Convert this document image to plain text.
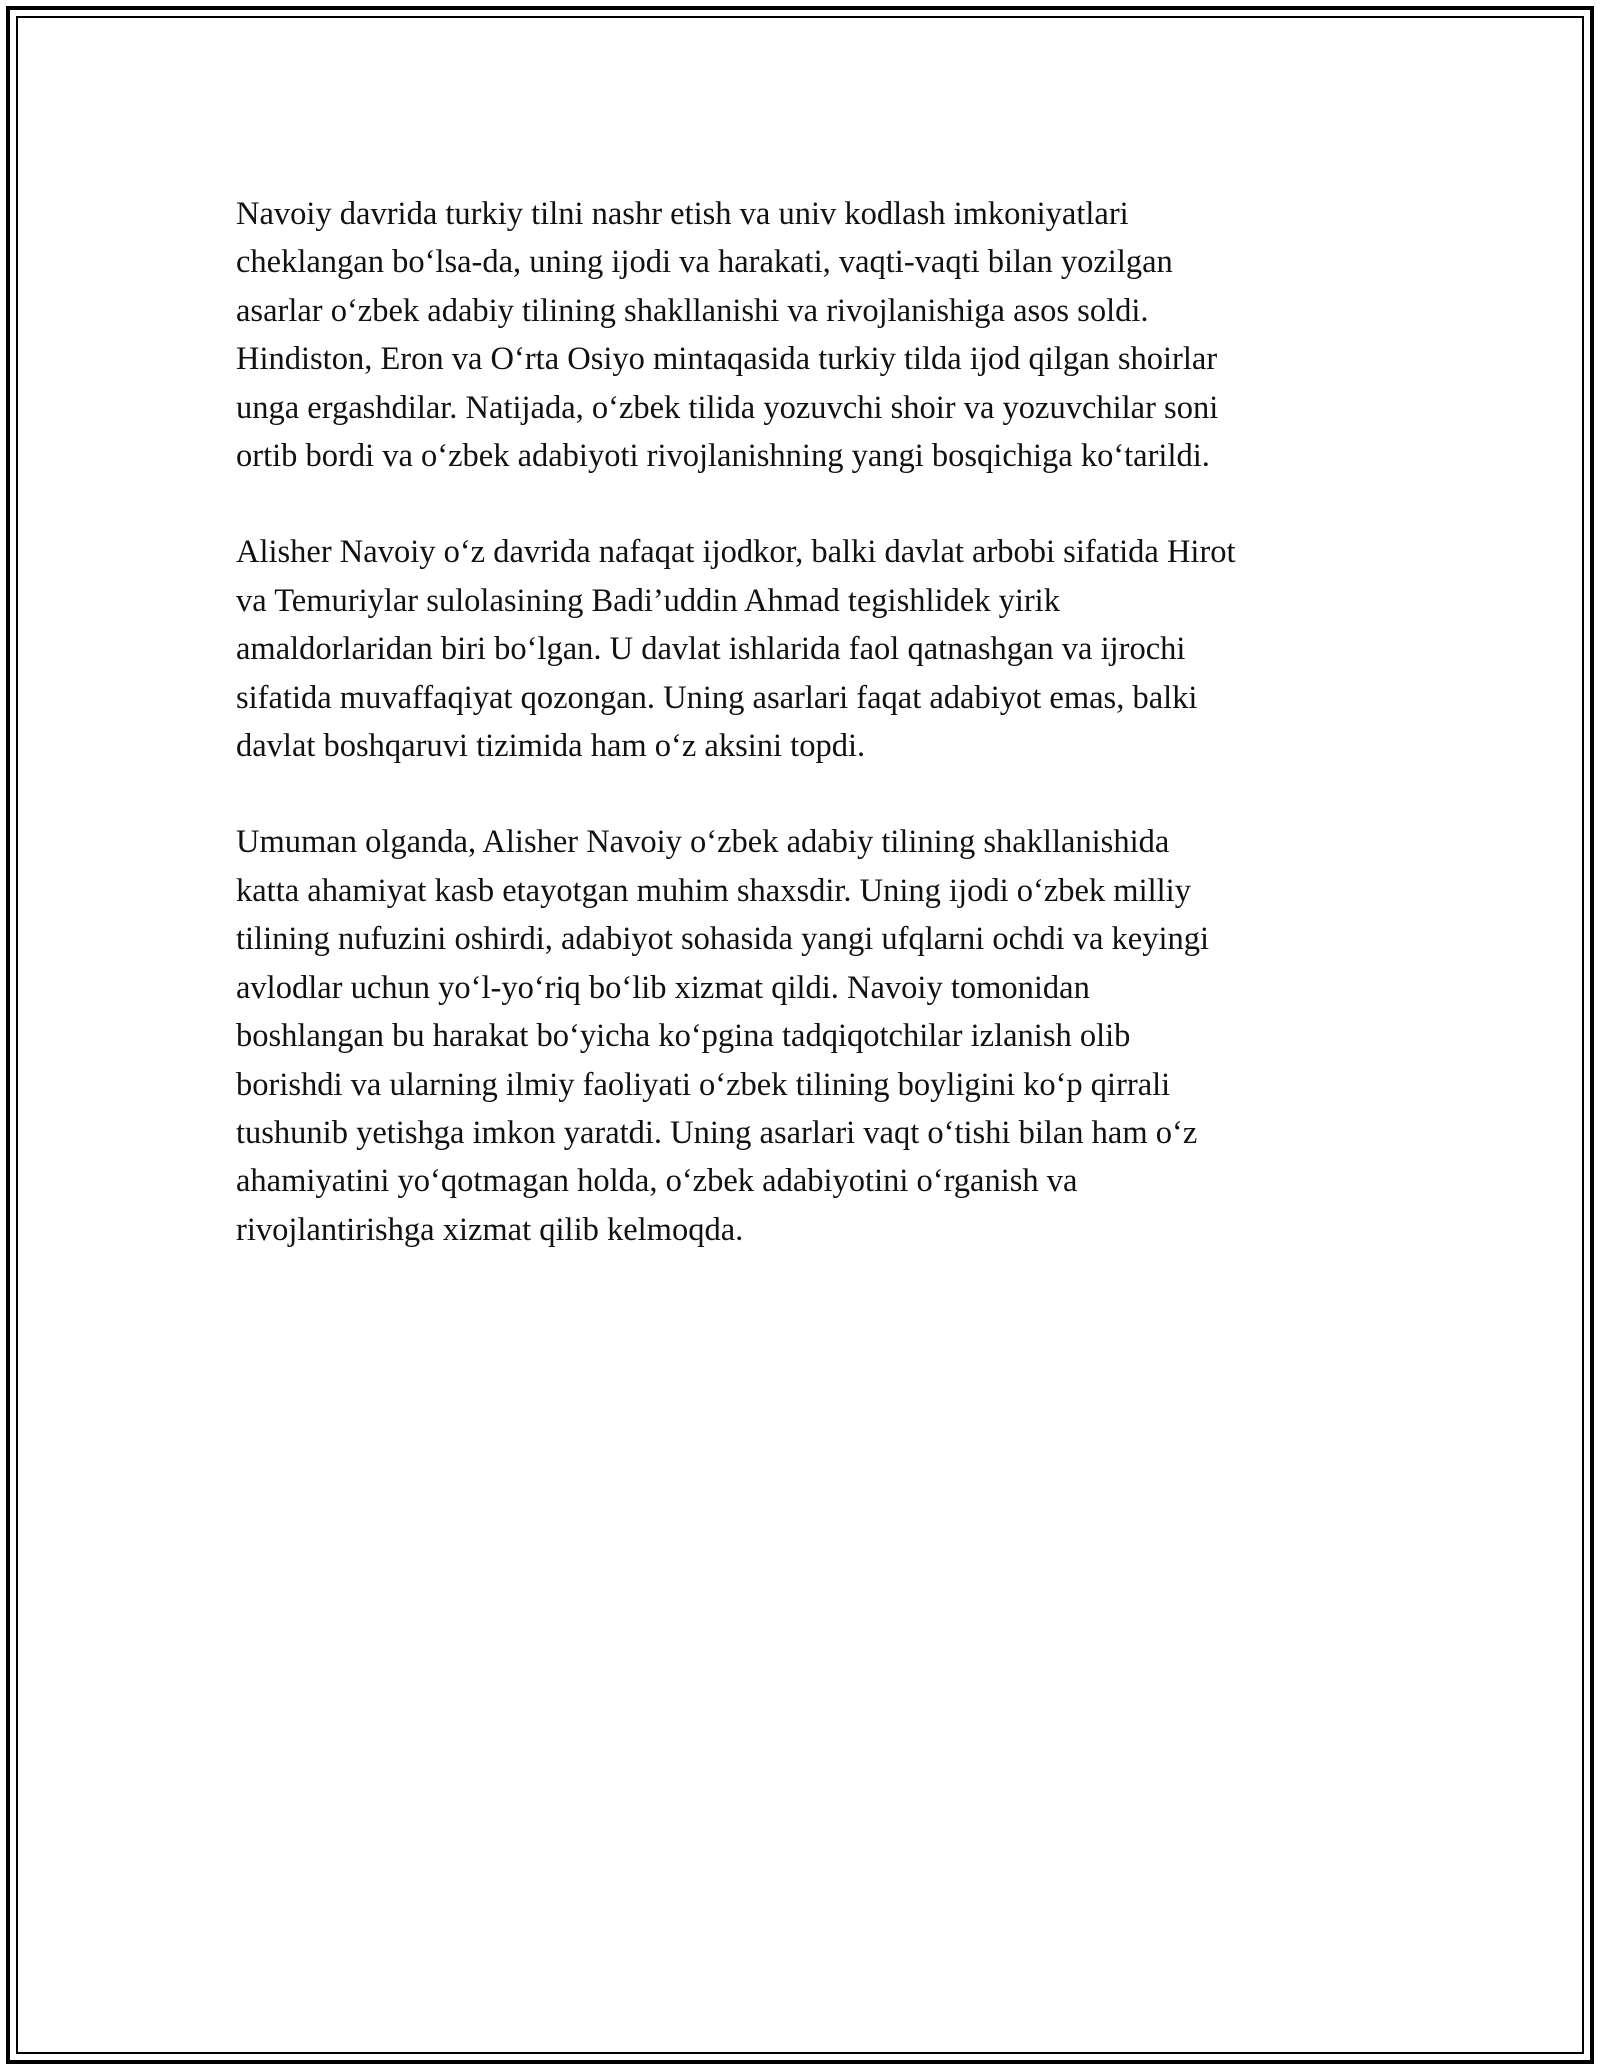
Navoiy davrida turkiy tilni nashr etish va univ kodlash imkoniyatlari
cheklangan boʻlsa-da, uning ijodi va harakati, vaqti-vaqti bilan yozilgan
asarlar oʻzbek adabiy tilining shakllanishi va rivojlanishiga asos soldi.
Hindiston, Eron va Oʻrta Osiyo mintaqasida turkiy tilda ijod qilgan shoirlar
unga ergashdilar. Natijada, oʻzbek tilida yozuvchi shoir va yozuvchilar soni
ortib bordi va oʻzbek adabiyoti rivojlanishning yangi bosqichiga koʻtarildi.

Alisher Navoiy oʻz davrida nafaqat ijodkor, balki davlat arbobi sifatida Hirot
va Temuriylar sulolasining Badi’uddin Ahmad tegishlidek yirik
amaldorlaridan biri boʻlgan. U davlat ishlarida faol qatnashgan va ijrochi
sifatida muvaffaqiyat qozongan. Uning asarlari faqat adabiyot emas, balki
davlat boshqaruvi tizimida ham oʻz aksini topdi.

Umuman olganda, Alisher Navoiy oʻzbek adabiy tilining shakllanishida
katta ahamiyat kasb etayotgan muhim shaxsdir. Uning ijodi oʻzbek milliy
tilining nufuzini oshirdi, adabiyot sohasida yangi ufqlarni ochdi va keyingi
avlodlar uchun yoʻl-yoʻriq boʻlib xizmat qildi. Navoiy tomonidan
boshlangan bu harakat boʻyicha koʻpgina tadqiqotchilar izlanish olib
borishdi va ularning ilmiy faoliyati oʻzbek tilining boyligini koʻp qirrali
tushunib yetishga imkon yaratdi. Uning asarlari vaqt oʻtishi bilan ham oʻz
ahamiyatini yoʻqotmagan holda, oʻzbek adabiyotini oʻrganish va
rivojlantirishga xizmat qilib kelmoqda.
